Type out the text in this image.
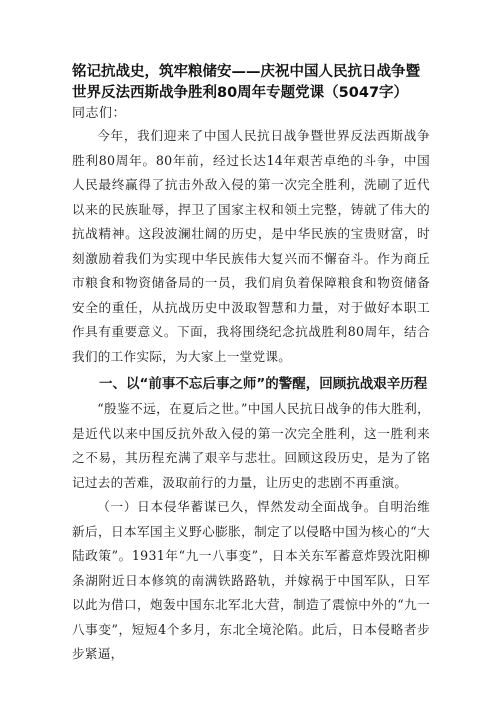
铭记抗战史，筑牢粮储安——庆祝中国人民抗日战争暨世界反法西斯战争胜利80周年专题党课（5047字）

同志们：

今年，我们迎来了中国人民抗日战争暨世界反法西斯战争胜利80周年。80年前，经过长达14年艰苦卓绝的斗争，中国人民最终赢得了抗击外敌入侵的第一次完全胜利，洗刷了近代以来的民族耻辱，捍卫了国家主权和领土完整，铸就了伟大的抗战精神。这段波澜壮阔的历史，是中华民族的宝贵财富，时刻激励着我们为实现中华民族伟大复兴而不懈奋斗。作为商丘市粮食和物资储备局的一员，我们肩负着保障粮食和物资储备安全的重任，从抗战历史中汲取智慧和力量，对于做好本职工作具有重要意义。下面，我将围绕纪念抗战胜利80周年，结合我们的工作实际，为大家上一堂党课。

一、以“前事不忘后事之师”的警醒，回顾抗战艰辛历程

“殷鉴不远，在夏后之世。”中国人民抗日战争的伟大胜利，是近代以来中国反抗外敌入侵的第一次完全胜利，这一胜利来之不易，其历程充满了艰辛与悲壮。回顾这段历史，是为了铭记过去的苦难，汲取前行的力量，让历史的悲剧不再重演。

（一）日本侵华蓄谋已久，悍然发动全面战争。自明治维新后，日本军国主义野心膨胀，制定了以侵略中国为核心的“大陆政策”。1931年“九一八事变”，日本关东军蓄意炸毁沈阳柳条湖附近日本修筑的南满铁路路轨，并嫁祸于中国军队，日军以此为借口，炮轰中国东北军北大营，制造了震惊中外的“九一八事变”，短短4个多月，东北全境沦陷。此后，日本侵略者步步紧逼，
